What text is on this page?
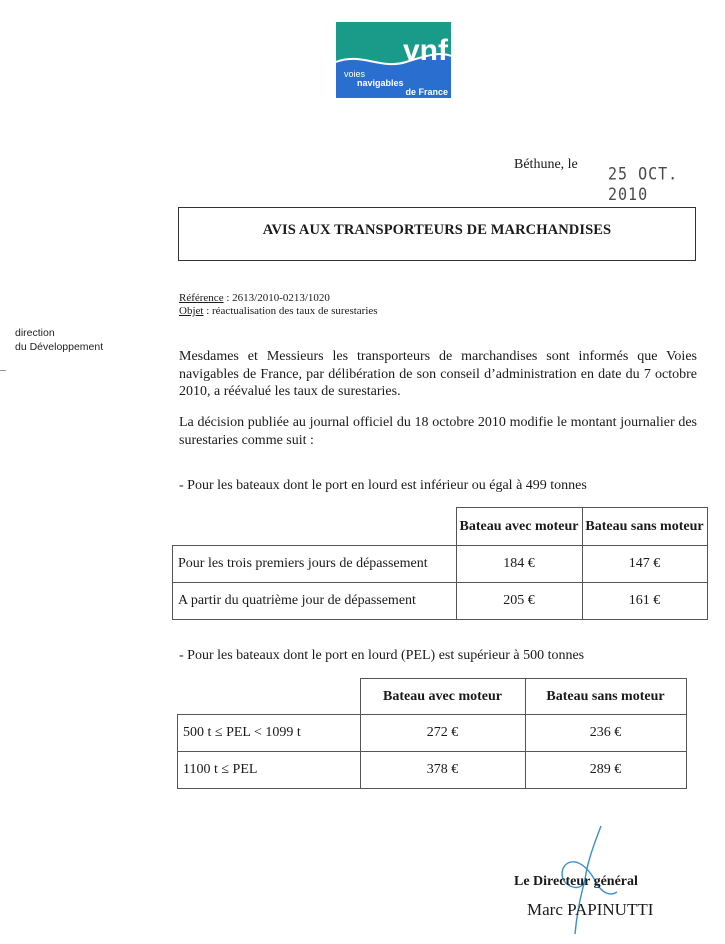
vnf
voies
navigables
de France
Béthune, le 25 OCT. 2010
AVIS AUX TRANSPORTEURS DE MARCHANDISES
Référence : 2613/2010-0213/1020
Objet : réactualisation des taux de surestaries
direction
du Développement
Mesdames et Messieurs les transporteurs de marchandises sont informés que Voies navigables de France, par délibération de son conseil d’administration en date du 7 octobre 2010, a réévalué les taux de surestaries.
La décision publiée au journal officiel du 18 octobre 2010 modifie le montant journalier des surestaries comme suit :
- Pour les bateaux dont le port en lourd est inférieur ou égal à 499 tonnes
	Bateau avec moteur	Bateau sans moteur
Pour les trois premiers jours de dépassement	184 €	147 €
A partir du quatrième jour de dépassement	205 €	161 €
- Pour les bateaux dont le port en lourd (PEL) est supérieur à 500 tonnes
	Bateau avec moteur	Bateau sans moteur
500 t ≤ PEL < 1099 t	272 €	236 €
1100 t ≤ PEL	378 €	289 €
Le Directeur général
Marc PAPINUTTI
